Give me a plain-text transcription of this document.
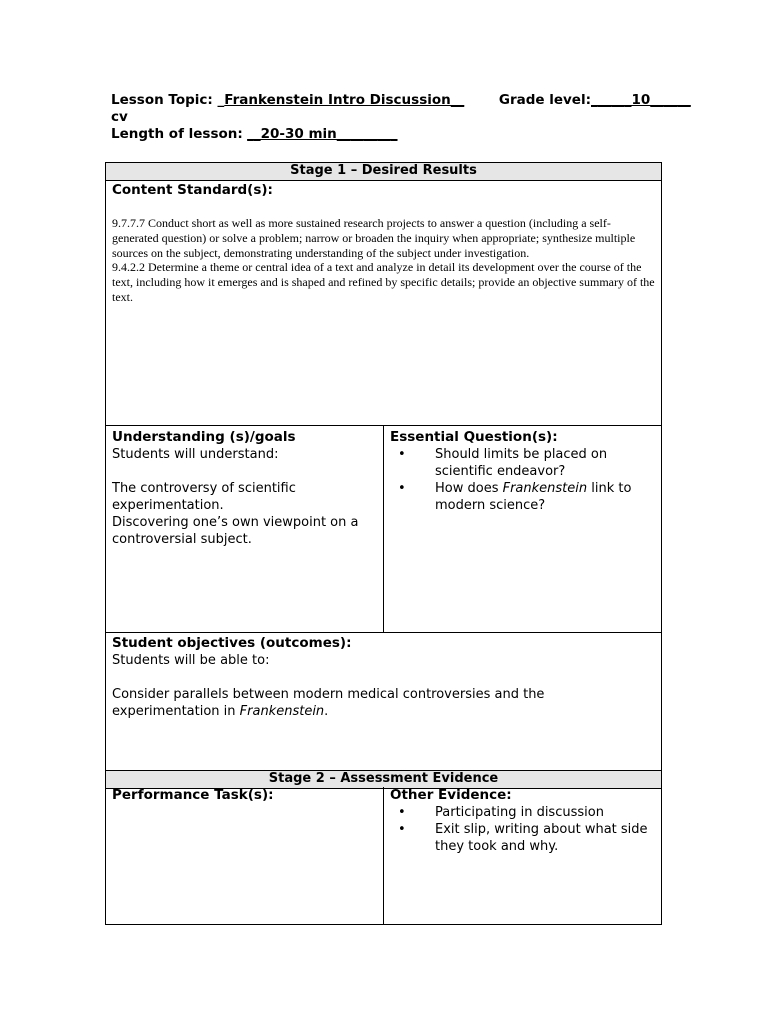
Lesson Topic: _Frankenstein Intro Discussion__	Grade level:______10______
cv
Length of lesson: __20-30 min_________
Stage 1 – Desired Results
Content Standard(s):
9.7.7.7 Conduct short as well as more sustained research projects to answer a question (including a self-generated question) or solve a problem; narrow or broaden the inquiry when appropriate; synthesize multiple sources on the subject, demonstrating understanding of the subject under investigation.
9.4.2.2 Determine a theme or central idea of a text and analyze in detail its development over the course of the text, including how it emerges and is shaped and refined by specific details; provide an objective summary of the text.
Understanding (s)/goals
Students will understand:
The controversy of scientific experimentation.
Discovering one’s own viewpoint on a controversial subject.
Essential Question(s):
• Should limits be placed on scientific endeavor?
• How does Frankenstein link to modern science?
Student objectives (outcomes):
Students will be able to:
Consider parallels between modern medical controversies and the experimentation in Frankenstein.
Stage 2 – Assessment Evidence
Performance Task(s):	Other Evidence:
• Participating in discussion
• Exit slip, writing about what side they took and why.
